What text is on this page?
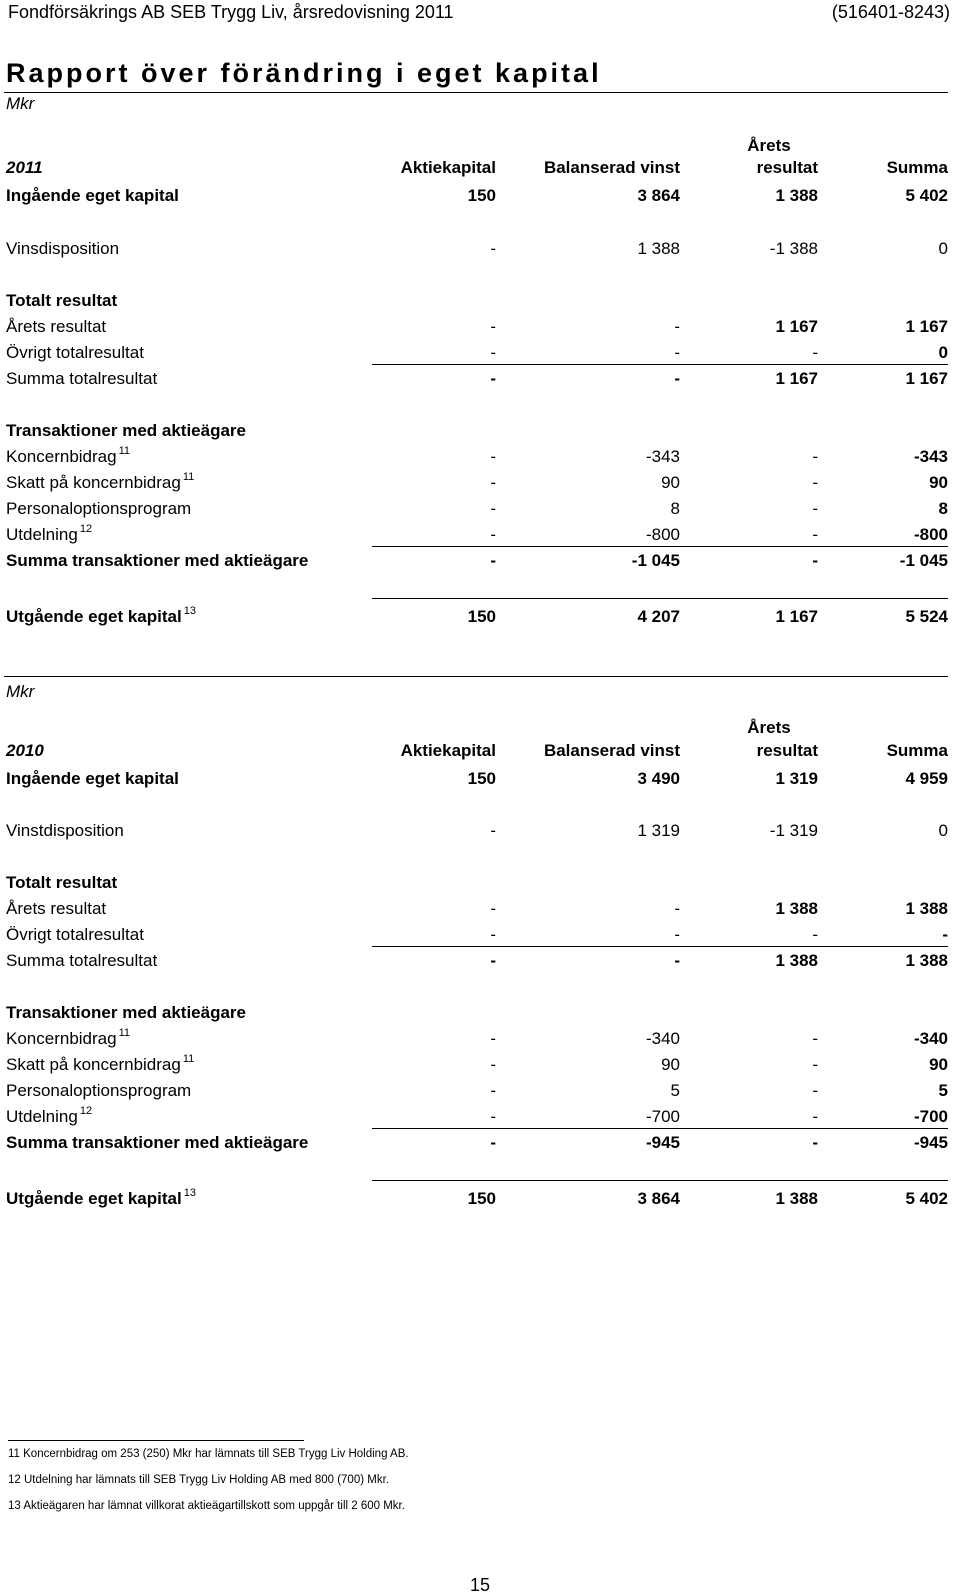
Fondförsäkrings AB SEB Trygg Liv, årsredovisning 2011	(516401-8243)
Rapport över förändring i eget kapital
Mkr
Årets
2011	Aktiekapital	Balanserad vinst	resultat	Summa
Ingående eget kapital	150	3 864	1 388	5 402
Vinsdisposition	-	1 388	-1 388	0
Totalt resultat
Årets resultat	-	-	1 167	1 167
Övrigt totalresultat	-	-	-	0
Summa totalresultat	-	-	1 167	1 167
Transaktioner med aktieägare
Koncernbidrag $^{11}$	-	-343	-	-343
Skatt på koncernbidrag $^{11}$	-	90	-	90
Personaloptionsprogram	-	8	-	8
Utdelning $^{12}$	-	-800	-	-800
Summa transaktioner med aktieägare	-	-1 045	-	-1 045
Utgående eget kapital $^{13}$	150	4 207	1 167	5 524
Mkr
Årets
2010	Aktiekapital	Balanserad vinst	resultat	Summa
Ingående eget kapital	150	3 490	1 319	4 959
Vinstdisposition	-	1 319	-1 319	0
Totalt resultat
Årets resultat	-	-	1 388	1 388
Övrigt totalresultat	-	-	-	-
Summa totalresultat	-	-	1 388	1 388
Transaktioner med aktieägare
Koncernbidrag $^{11}$	-	-340	-	-340
Skatt på koncernbidrag $^{11}$	-	90	-	90
Personaloptionsprogram	-	5	-	5
Utdelning $^{12}$	-	-700	-	-700
Summa transaktioner med aktieägare	-	-945	-	-945
Utgående eget kapital $^{13}$	150	3 864	1 388	5 402
11 Koncernbidrag om 253 (250) Mkr har lämnats till SEB Trygg Liv Holding AB.
12 Utdelning har lämnats till SEB Trygg Liv Holding AB med 800 (700) Mkr.
13 Aktieägaren har lämnat villkorat aktieägartillskott som uppgår till 2 600 Mkr.
15
